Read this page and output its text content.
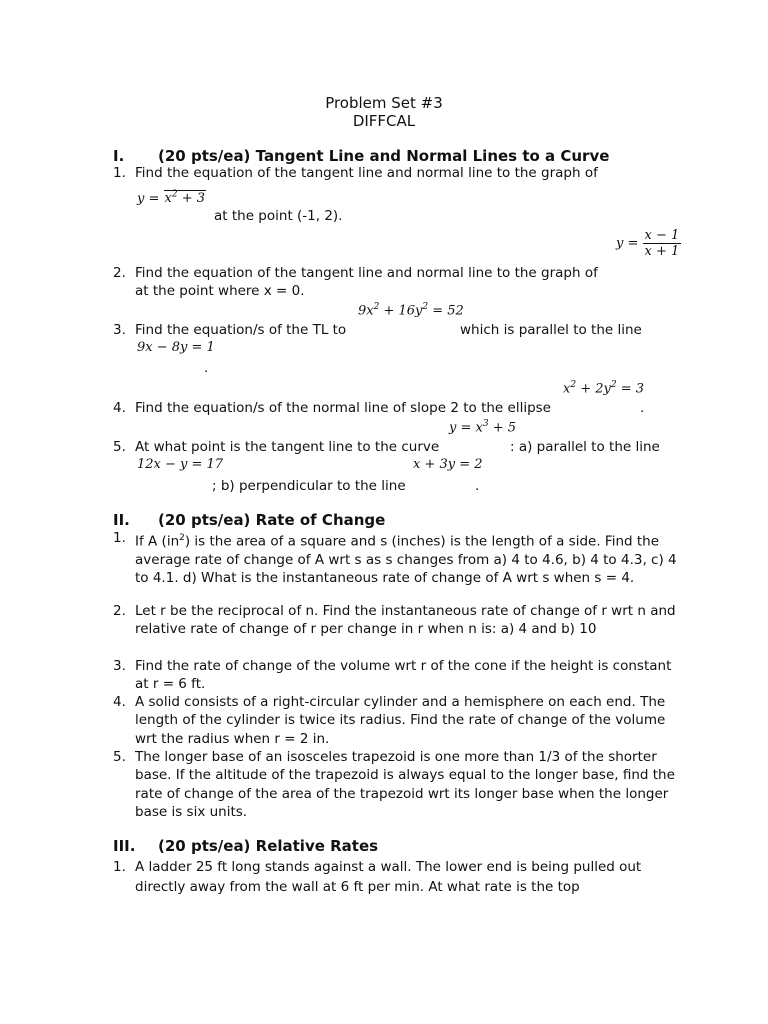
Problem Set #3
DIFFCAL
I. (20 pts/ea) Tangent Line and Normal Lines to a Curve
1. Find the equation of the tangent line and normal line to the graph of
$y = x^2 + 3$
at the point (-1, 2).
$y = \frac{x - 1}{x + 1}$
2. Find the equation of the tangent line and normal line to the graph of
at the point where x = 0.
$9x^2 + 16y^2 = 52$
3. Find the equation/s of the TL to	which is parallel to the line
9x − 8y = 1
.
$x^2 + 2y^2 = 3$
4. Find the equation/s of the normal line of slope 2 to the ellipse	.
$y = x^3 + 5$
5. At what point is the tangent line to the curve	: a) parallel to the line
12x − y = 17	x + 3y = 2
; b) perpendicular to the line	.
II. (20 pts/ea) Rate of Change
1. If A $(in^2)$ is the area of a square and s (inches) is the length of a side. Find the average rate of change of A wrt s as s changes from a) 4 to 4.6, b) 4 to 4.3, c) 4 to 4.1. d) What is the instantaneous rate of change of A wrt s when s = 4.
2. Let r be the reciprocal of n. Find the instantaneous rate of change of r wrt n and relative rate of change of r per change in r when n is: a) 4 and b) 10
3. Find the rate of change of the volume wrt r of the cone if the height is constant at r = 6 ft.
4. A solid consists of a right-circular cylinder and a hemisphere on each end. The length of the cylinder is twice its radius. Find the rate of change of the volume wrt the radius when r = 2 in.
5. The longer base of an isosceles trapezoid is one more than 1/3 of the shorter base. If the altitude of the trapezoid is always equal to the longer base, find the rate of change of the area of the trapezoid wrt its longer base when the longer base is six units.
III. (20 pts/ea) Relative Rates
1. A ladder 25 ft long stands against a wall. The lower end is being pulled out directly away from the wall at 6 ft per min. At what rate is the top
